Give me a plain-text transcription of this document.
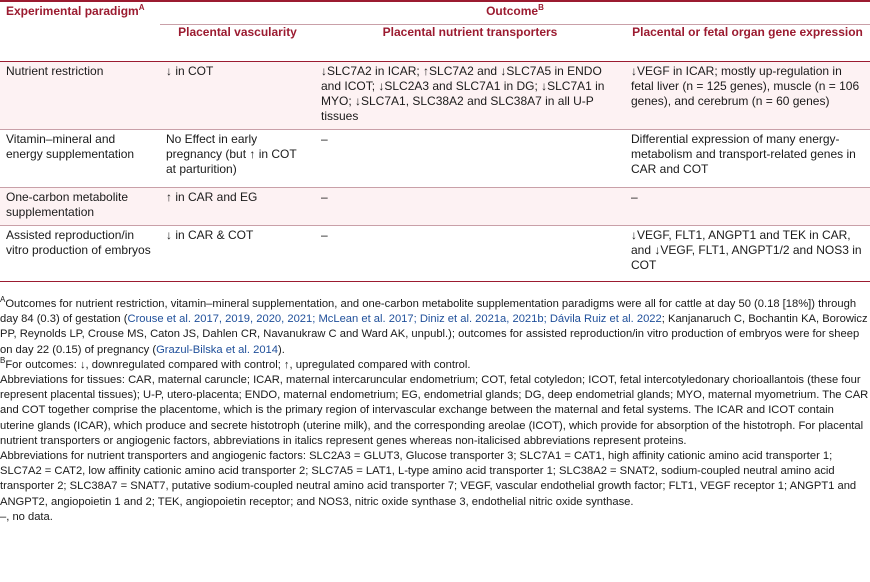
Experimental paradigm$^A$	Outcome$^B$
	Placental vascularity	Placental nutrient transporters	Placental or fetal organ gene expression
Nutrient restriction	↓ in COT	↓SLC7A2 in ICAR; ↑SLC7A2 and ↓SLC7A5 in ENDO and ICOT; ↓SLC2A3 and SLC7A1 in DG; ↓SLC7A1 in MYO; ↓SLC7A1, SLC38A2 and SLC38A7 in all U-P tissues	↓VEGF in ICAR; mostly up-regulation in fetal liver (n = 125 genes), muscle (n = 106 genes), and cerebrum (n = 60 genes)
Vitamin–mineral and energy supplementation	No Effect in early pregnancy (but ↑ in COT at parturition)	–	Differential expression of many energy-metabolism and transport-related genes in CAR and COT
One-carbon metabolite supplementation	↑ in CAR and EG	–	–
Assisted reproduction/in vitro production of embryos	↓ in CAR & COT	–	↓VEGF, FLT1, ANGPT1 and TEK in CAR, and ↓VEGF, FLT1, ANGPT1/2 and NOS3 in COT

$^A$Outcomes for nutrient restriction, vitamin–mineral supplementation, and one-carbon metabolite supplementation paradigms were all for cattle at day 50 (0.18 [18%]) through day 84 (0.3) of gestation (Crouse et al. 2017, 2019, 2020, 2021; McLean et al. 2017; Diniz et al. 2021a, 2021b; Dávila Ruiz et al. 2022; Kanjanaruch C, Bochantin KA, Borowicz PP, Reynolds LP, Crouse MS, Caton JS, Dahlen CR, Navanukraw C and Ward AK, unpubl.); outcomes for assisted reproduction/in vitro production of embryos were for sheep on day 22 (0.15) of pregnancy (Grazul-Bilska et al. 2014).

$^B$For outcomes: ↓, downregulated compared with control; ↑, upregulated compared with control.

Abbreviations for tissues: CAR, maternal caruncle; ICAR, maternal intercaruncular endometrium; COT, fetal cotyledon; ICOT, fetal intercotyledonary chorioallantois (these four represent placental tissues); U-P, utero-placenta; ENDO, maternal endometrium; EG, endometrial glands; DG, deep endometrial glands; MYO, maternal myometrium. The CAR and COT together comprise the placentome, which is the primary region of intervascular exchange between the maternal and fetal systems. The ICAR and ICOT contain uterine glands (ICAR), which produce and secrete histotroph (uterine milk), and the corresponding areolae (ICOT), which provide for absorption of the histotroph. For placental nutrient transporters or angiogenic factors, abbreviations in italics represent genes whereas non-italicised abbreviations represent proteins.

Abbreviations for nutrient transporters and angiogenic factors: SLC2A3 = GLUT3, Glucose transporter 3; SLC7A1 = CAT1, high affinity cationic amino acid transporter 1; SLC7A2 = CAT2, low affinity cationic amino acid transporter 2; SLC7A5 = LAT1, L-type amino acid transporter 1; SLC38A2 = SNAT2, sodium-coupled neutral amino acid transporter 2; SLC38A7 = SNAT7, putative sodium-coupled neutral amino acid transporter 7; VEGF, vascular endothelial growth factor; FLT1, VEGF receptor 1; ANGPT1 and ANGPT2, angiopoietin 1 and 2; TEK, angiopoietin receptor; and NOS3, nitric oxide synthase 3, endothelial nitric oxide synthase.

–, no data.
